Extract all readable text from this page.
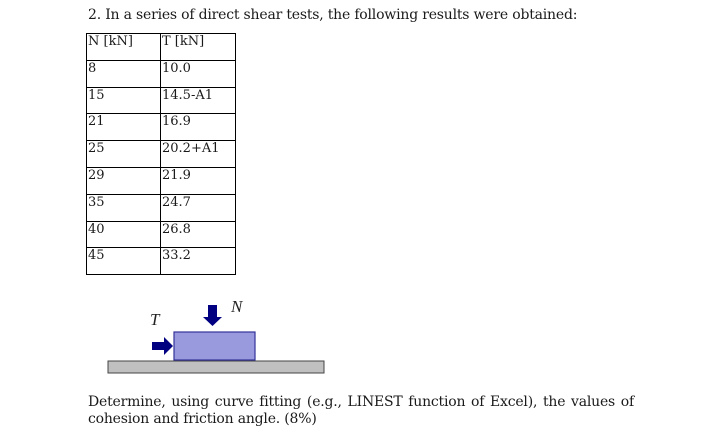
2. In a series of direct shear tests, the following results were obtained:
N [kN]	T [kN]
8	10.0
15	14.5-A1
21	16.9
25	20.2+A1
29	21.9
35	24.7
40	26.8
45	33.2
N
T
Determine, using curve fitting (e.g., LINEST function of Excel), the values of cohesion and friction angle. (8%)
